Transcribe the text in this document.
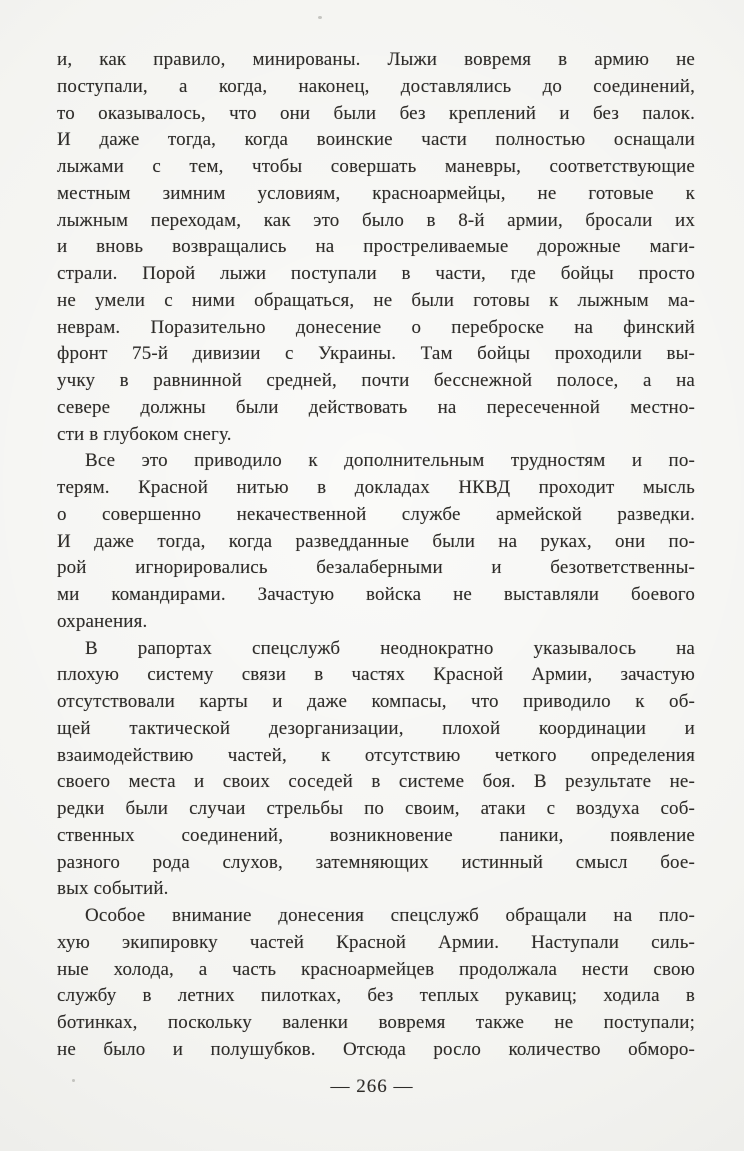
и, как правило, минированы. Лыжи вовремя в армию не
поступали, а когда, наконец, доставлялись до соединений,
то оказывалось, что они были без креплений и без палок.
И даже тогда, когда воинские части полностью оснащали
лыжами с тем, чтобы совершать маневры, соответствующие
местным зимним условиям, красноармейцы, не готовые к
лыжным переходам, как это было в 8-й армии, бросали их
и вновь возвращались на простреливаемые дорожные маги-
страли. Порой лыжи поступали в части, где бойцы просто
не умели с ними обращаться, не были готовы к лыжным ма-
неврам. Поразительно донесение о переброске на финский
фронт 75-й дивизии с Украины. Там бойцы проходили вы-
учку в равнинной средней, почти бесснежной полосе, а на
севере должны были действовать на пересеченной местно-
сти в глубоком снегу.
Все это приводило к дополнительным трудностям и по-
терям. Красной нитью в докладах НКВД проходит мысль
о совершенно некачественной службе армейской разведки.
И даже тогда, когда разведданные были на руках, они по-
рой игнорировались безалаберными и безответственны-
ми командирами. Зачастую войска не выставляли боевого
охранения.
В рапортах спецслужб неоднократно указывалось на
плохую систему связи в частях Красной Армии, зачастую
отсутствовали карты и даже компасы, что приводило к об-
щей тактической дезорганизации, плохой координации и
взаимодействию частей, к отсутствию четкого определения
своего места и своих соседей в системе боя. В результате не-
редки были случаи стрельбы по своим, атаки с воздуха соб-
ственных соединений, возникновение паники, появление
разного рода слухов, затемняющих истинный смысл бое-
вых событий.
Особое внимание донесения спецслужб обращали на пло-
хую экипировку частей Красной Армии. Наступали силь-
ные холода, а часть красноармейцев продолжала нести свою
службу в летних пилотках, без теплых рукавиц; ходила в
ботинках, поскольку валенки вовремя также не поступали;
не было и полушубков. Отсюда росло количество обморо-
— 266 —
